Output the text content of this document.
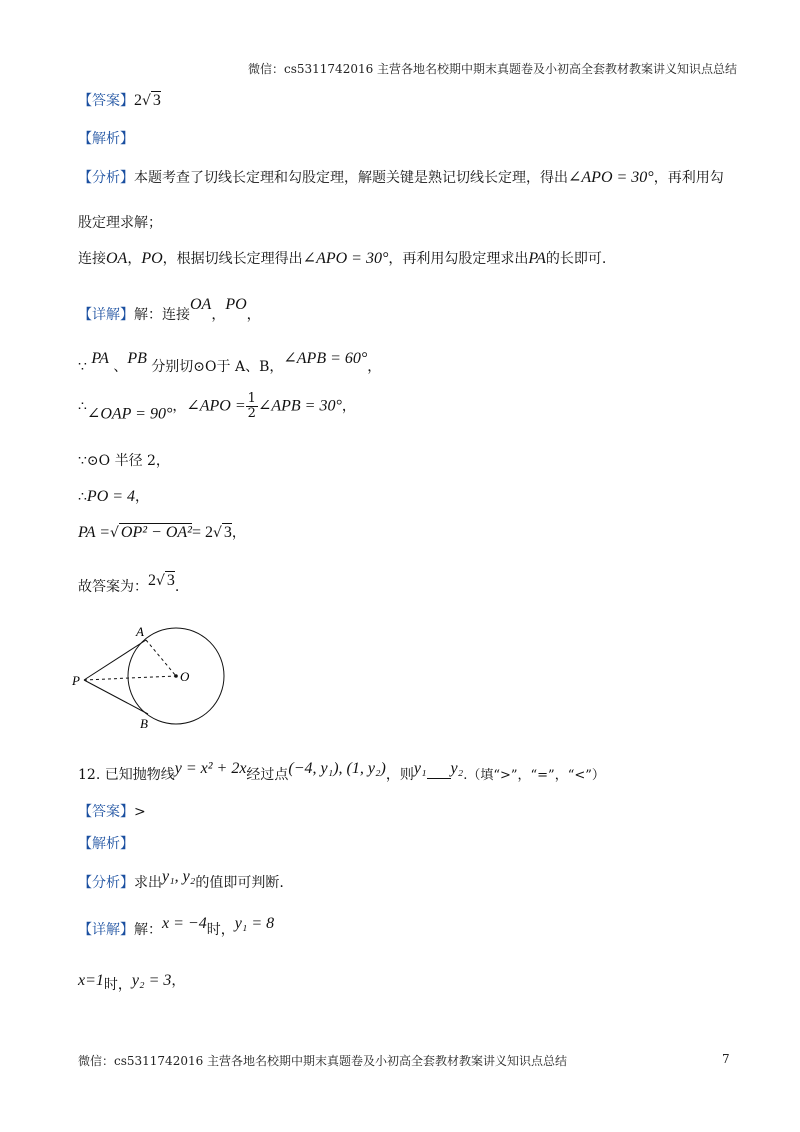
微信：cs5311742016 主营各地名校期中期末真题卷及小初高全套教材教案讲义知识点总结
【答案】2√ 3
【解析】
【分析】本题考查了切线长定理和勾股定理，解题关键是熟记切线长定理，得出∠APO = 30°，再利用勾
股定理求解；
连接OA，PO，根据切线长定理得出∠APO = 30°，再利用勾股定理求出PA的长即可.
【详解】解：连接OA，PO，
∵ PA 、PB 分别切⊙O于 A、B，∠APB = 60°，
∴∠OAP = 90°，∠APO = $\frac{1}{2}$ ∠APB = 30°，
∵⊙O 半径 2，
∴PO = 4，
PA =√ OP² − OA²= 2√ 3，
故答案为：2√ 3.
A
B
P	O
12. 已知抛物线y = x² + 2x经过点(−4, y₁), (1, y₂)，则y₁ y₂.（填“>”，“=”，“<”）
【答案】>
【解析】
【分析】求出y₁, y₂的值即可判断.
【详解】解：x = −4时，y₁ = 8
x=1时，y₂ = 3，
微信：cs5311742016 主营各地名校期中期末真题卷及小初高全套教材教案讲义知识点总结	7
